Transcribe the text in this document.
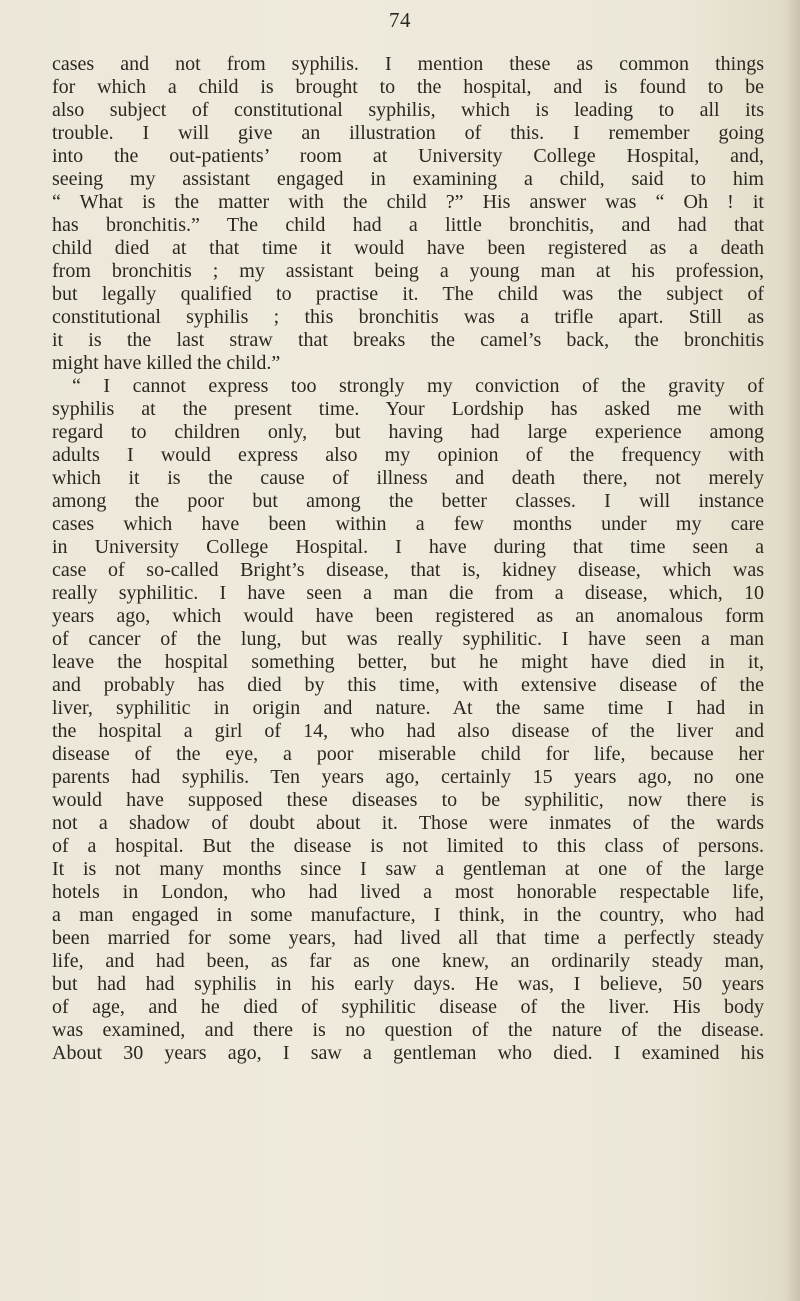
74
cases and not from syphilis. I mention these as common things
for which a child is brought to the hospital, and is found to be
also subject of constitutional syphilis, which is leading to all its
trouble. I will give an illustration of this. I remember going
into the out-patients’ room at University College Hospital, and,
seeing my assistant engaged in examining a child, said to him
“ What is the matter with the child ?” His answer was “ Oh ! it
has bronchitis.” The child had a little bronchitis, and had that
child died at that time it would have been registered as a death
from bronchitis ; my assistant being a young man at his profession,
but legally qualified to practise it. The child was the subject of
constitutional syphilis ; this bronchitis was a trifle apart. Still as
it is the last straw that breaks the camel’s back, the bronchitis
might have killed the child.”
“ I cannot express too strongly my conviction of the gravity of
syphilis at the present time. Your Lordship has asked me with
regard to children only, but having had large experience among
adults I would express also my opinion of the frequency with
which it is the cause of illness and death there, not merely
among the poor but among the better classes. I will instance
cases which have been within a few months under my care
in University College Hospital. I have during that time seen a
case of so-called Bright’s disease, that is, kidney disease, which was
really syphilitic. I have seen a man die from a disease, which, 10
years ago, which would have been registered as an anomalous form
of cancer of the lung, but was really syphilitic. I have seen a man
leave the hospital something better, but he might have died in it,
and probably has died by this time, with extensive disease of the
liver, syphilitic in origin and nature. At the same time I had in
the hospital a girl of 14, who had also disease of the liver and
disease of the eye, a poor miserable child for life, because her
parents had syphilis. Ten years ago, certainly 15 years ago, no one
would have supposed these diseases to be syphilitic, now there is
not a shadow of doubt about it. Those were inmates of the wards
of a hospital. But the disease is not limited to this class of persons.
It is not many months since I saw a gentleman at one of the large
hotels in London, who had lived a most honorable respectable life,
a man engaged in some manufacture, I think, in the country, who had
been married for some years, had lived all that time a perfectly steady
life, and had been, as far as one knew, an ordinarily steady man,
but had had syphilis in his early days. He was, I believe, 50 years
of age, and he died of syphilitic disease of the liver. His body
was examined, and there is no question of the nature of the disease.
About 30 years ago, I saw a gentleman who died. I examined his
